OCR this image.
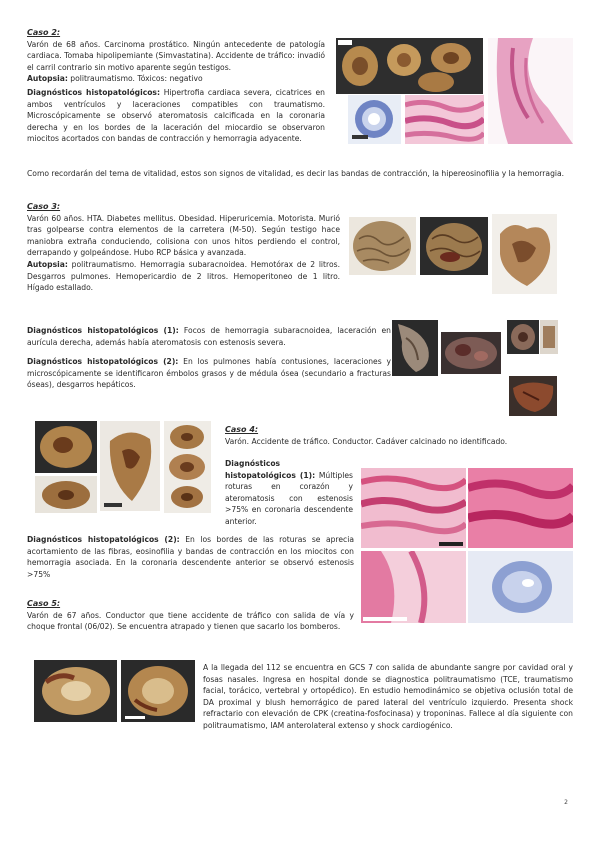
Caso 2:

Varón de 68 años. Carcinoma prostático. Ningún antecedente de patología cardiaca. Tomaba hipolipemiante (Simvastatina). Accidente de tráfico: invadió el carril contrario sin motivo aparente según testigos.

Autopsia: politraumatismo. Tóxicos: negativo

Diagnósticos histopatológicos: Hipertrofia cardiaca severa, cicatrices en ambos ventrículos y laceraciones compatibles con traumatismo. Microscópicamente se observó ateromatosis calcificada en la coronaria derecha y en los bordes de la laceración del miocardio se observaron miocitos acortados con bandas de contracción y hemorragia adyacente.

Como recordarán del tema de vitalidad, estos son signos de vitalidad, es decir las bandas de contracción, la hipereosinofilia y la hemorragia.
Caso 3:

Varón 60 años. HTA. Diabetes mellitus. Obesidad. Hiperuricemia. Motorista. Murió tras golpearse contra elementos de la carretera (M-50). Según testigo hace maniobra extraña conduciendo, colisiona con unos hitos perdiendo el control, derrapando y golpeándose. Hubo RCP básica y avanzada.

Autopsia: politraumatismo. Hemorragia subaracnoidea. Hemotórax de 2 litros. Desgarros pulmones. Hemopericardio de 2 litros. Hemoperitoneo de 1 litro. Hígado estallado.

Diagnósticos histopatológicos (1): Focos de hemorragia subaracnoidea, laceración en aurícula derecha, además había ateromatosis con estenosis severa.
Diagnósticos histopatológicos (2): En los pulmones había contusiones, laceraciones y microscópicamente se identificaron émbolos grasos y de médula ósea (secundario a fracturas óseas), desgarros hepáticos.
Caso 4:

Varón. Accidente de tráfico. Conductor. Cadáver calcinado no identificado.

Diagnósticos histopatológicos (1): Múltiples roturas en corazón y ateromatosis con estenosis >75% en coronaria descendente anterior.
Diagnósticos histopatológicos (2): En los bordes de las roturas se aprecia acortamiento de las fibras, eosinofilia y bandas de contracción en los miocitos con hemorragia asociada. En la coronaria descendente anterior se observó estenosis >75%
Caso 5:

Varón de 67 años. Conductor que tiene accidente de tráfico con salida de vía y choque frontal (06/02). Se encuentra atrapado y tienen que sacarlo los bomberos.

A la llegada del 112 se encuentra en GCS 7 con salida de abundante sangre por cavidad oral y fosas nasales. Ingresa en hospital donde se diagnostica politraumatismo (TCE, traumatismo facial, torácico, vertebral y ortopédico). En estudio hemodinámico se objetiva oclusión total de DA proximal y blush hemorrágico de pared lateral del ventrículo izquierdo. Presenta shock refractario con elevación de CPK (creatina-fosfocinasa) y troponinas. Fallece al día siguiente con politraumatismo, IAM anterolateral extenso y shock cardiogénico.
2
